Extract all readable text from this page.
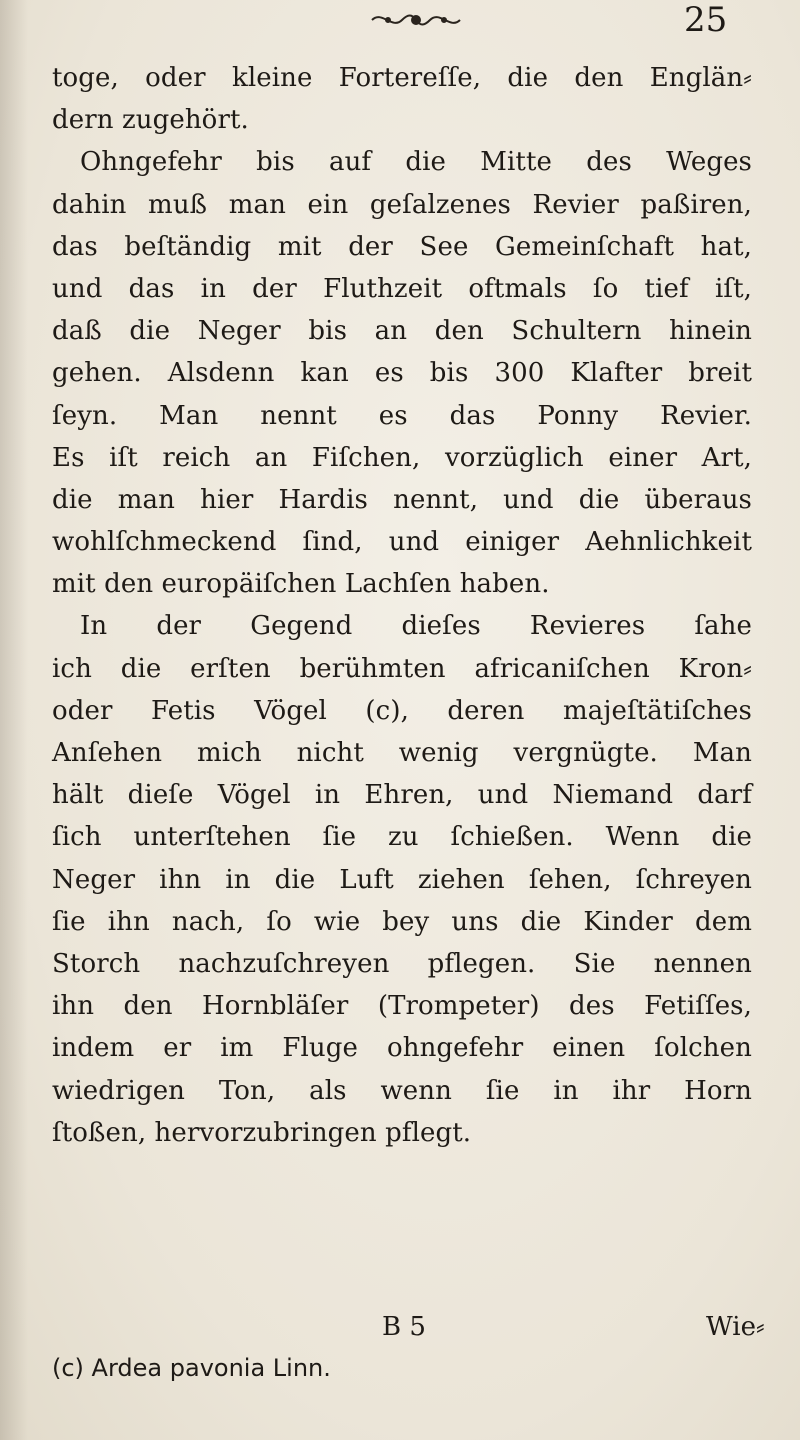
25
toge, oder kleine Fortereſſe, die den Englän⸗
dern zugehört.
Ohngefehr bis auf die Mitte des Weges
dahin muß man ein geſalzenes Revier paßiren,
das beſtändig mit der See Gemeinſchaft hat,
und das in der Fluthzeit oftmals ſo tief iſt,
daß die Neger bis an den Schultern hinein
gehen. Alsdenn kan es bis 300 Klafter breit
ſeyn. Man nennt es das Ponny Revier.
Es iſt reich an Fiſchen, vorzüglich einer Art,
die man hier Hardis nennt, und die überaus
wohlſchmeckend ſind, und einiger Aehnlichkeit
mit den europäiſchen Lachſen haben.
In der Gegend dieſes Revieres ſahe
ich die erſten berühmten africaniſchen Kron⸗
oder Fetis Vögel (c), deren majeſtätiſches
Anſehen mich nicht wenig vergnügte. Man
hält dieſe Vögel in Ehren, und Niemand darf
ſich unterſtehen ſie zu ſchießen. Wenn die
Neger ihn in die Luft ziehen ſehen, ſchreyen
ſie ihn nach, ſo wie bey uns die Kinder dem
Storch nachzuſchreyen pflegen. Sie nennen
ihn den Hornbläſer (Trompeter) des Fetiſſes,
indem er im Fluge ohngefehr einen ſolchen
wiedrigen Ton, als wenn ſie in ihr Horn
ſtoßen, hervorzubringen pflegt.
B 5	Wie⸗
(c) Ardea pavonia Linn.
